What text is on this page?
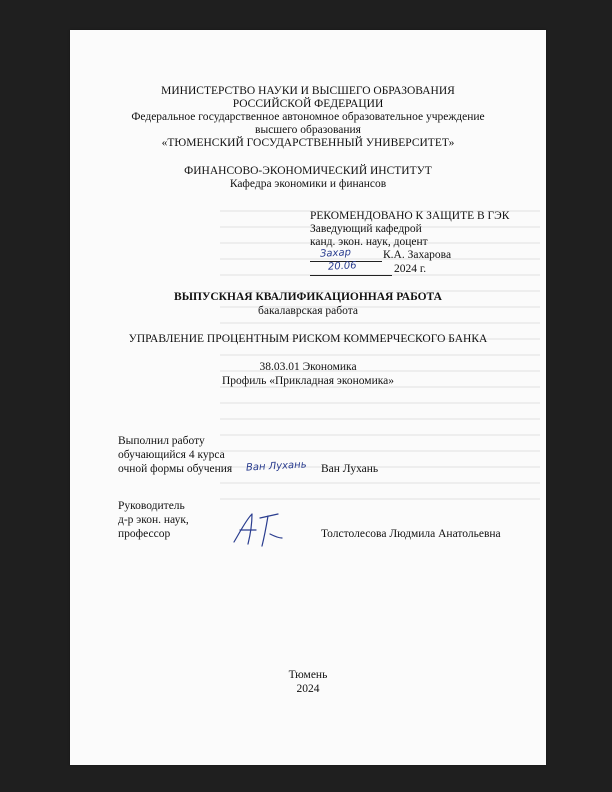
МИНИСТЕРСТВО НАУКИ И ВЫСШЕГО ОБРАЗОВАНИЯ
РОССИЙСКОЙ ФЕДЕРАЦИИ
Федеральное государственное автономное образовательное учреждение
высшего образования
«ТЮМЕНСКИЙ ГОСУДАРСТВЕННЫЙ УНИВЕРСИТЕТ»
ФИНАНСОВО-ЭКОНОМИЧЕСКИЙ ИНСТИТУТ
Кафедра экономики и финансов
РЕКОМЕНДОВАНО К ЗАЩИТЕ В ГЭК
Заведующий кафедрой
канд. экон. наук, доцент
Захар	К.А. Захарова
20.06	2024 г.
ВЫПУСКНАЯ КВАЛИФИКАЦИОННАЯ РАБОТА
бакалаврская работа
УПРАВЛЕНИЕ ПРОЦЕНТНЫМ РИСКОМ КОММЕРЧЕСКОГО БАНКА
38.03.01 Экономика
Профиль «Прикладная экономика»
Выполнил работу
обучающийся 4 курса
очной формы обучения Ван Лухань Ван Лухань
Руководитель
д-р экон. наук,
профессор	Толстолесова Людмила Анатольевна
Тюмень
2024
